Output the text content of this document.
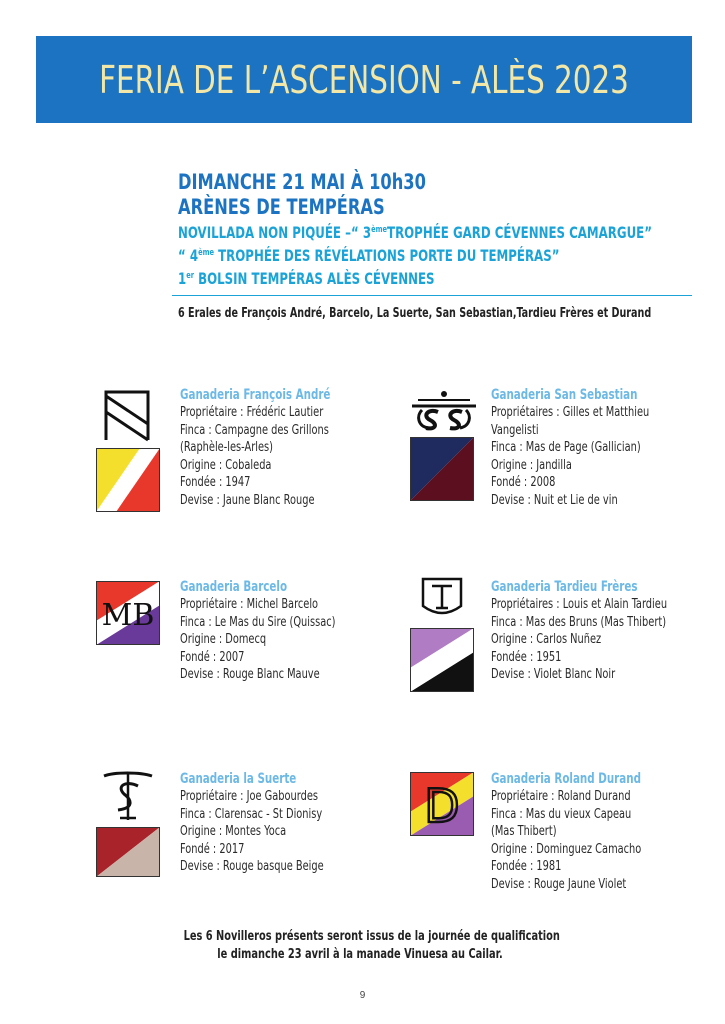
FERIA DE L’ASCENSION - ALÈS 2023
DIMANCHE 21 MAI À 10h30
ARÈNES DE TEMPÉRAS
NOVILLADA NON PIQUÉE –“ 3èmeTROPHÉE GARD CÉVENNES CAMARGUE”
“ 4ème TROPHÉE DES RÉVÉLATIONS PORTE DU TEMPÉRAS”
1er BOLSIN TEMPÉRAS ALÈS CÉVENNES
6 Erales de François André, Barcelo, La Suerte, San Sebastian,Tardieu Frères et Durand
Ganaderia François André
Propriétaire : Frédéric Lautier
Finca : Campagne des Grillons
(Raphèle-les-Arles)
Origine : Cobaleda
Fondée : 1947
Devise : Jaune Blanc Rouge
Ganaderia San Sebastian
Propriétaires : Gilles et Matthieu
Vangelisti
Finca : Mas de Page (Gallician)
Origine : Jandilla
Fondé : 2008
Devise : Nuit et Lie de vin
MB
Ganaderia Barcelo
Propriétaire : Michel Barcelo
Finca : Le Mas du Sire (Quissac)
Origine : Domecq
Fondé : 2007
Devise : Rouge Blanc Mauve
Ganaderia Tardieu Frères
Propriétaires : Louis et Alain Tardieu
Finca : Mas des Bruns (Mas Thibert)
Origine : Carlos Nuñez
Fondée : 1951
Devise : Violet Blanc Noir
Ganaderia la Suerte
Propriétaire : Joe Gabourdes
Finca : Clarensac - St Dionisy
Origine : Montes Yoca
Fondé : 2017
Devise : Rouge basque Beige
D Ganaderia Roland Durand
Propriétaire : Roland Durand
Finca : Mas du vieux Capeau
(Mas Thibert)
Origine : Dominguez Camacho
Fondée : 1981
Devise : Rouge Jaune Violet
Les 6 Novilleros présents seront issus de la journée de qualification
le dimanche 23 avril à la manade Vinuesa au Cailar.
9
